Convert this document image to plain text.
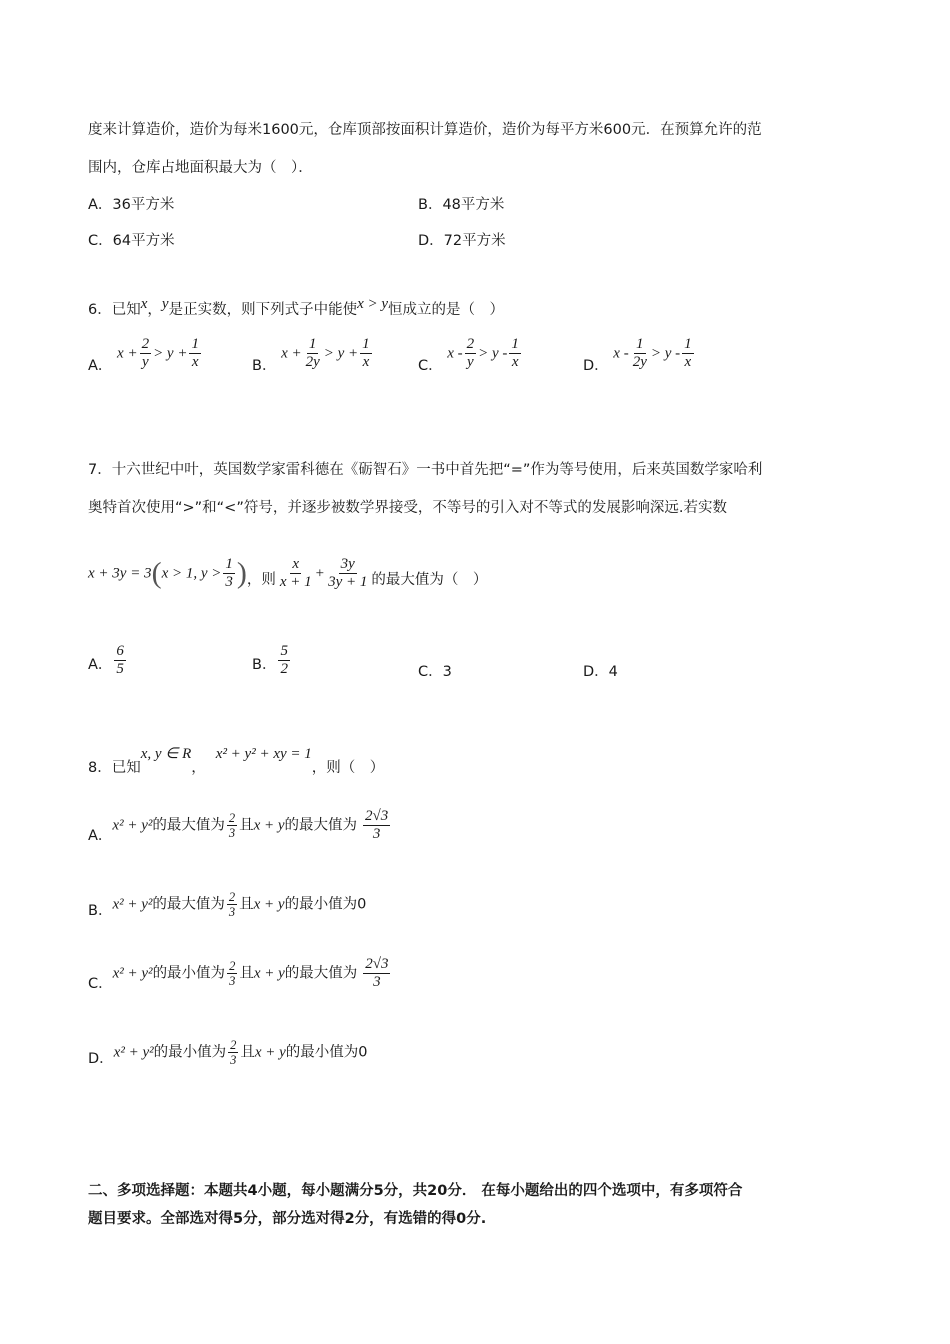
度来计算造价，造价为每米1600元，仓库顶部按面积计算造价，造价为每平方米600元．在预算允许的范
围内，仓库占地面积最大为（　）．
A．36平方米	B．48平方米
C．64平方米	D．72平方米
6．已知x，y是正实数，则下列式子中能使x > y恒成立的是（　）
A． $x + \frac{2}{y} > y + \frac{1}{x}$	B． $x + \frac{1}{2y} > y + \frac{1}{x}$	C． $x - \frac{2}{y} > y - \frac{1}{x}$	D． $x - \frac{1}{2y} > y - \frac{1}{x}$
7．十六世纪中叶，英国数学家雷科德在《砺智石》一书中首先把“=”作为等号使用，后来英国数学家哈利
奥特首次使用“>”和“<”符号，并逐步被数学界接受，不等号的引入对不等式的发展影响深远.若实数
x + 3y = 3(x > 1, $y > \frac{1}{3}$ )，则 $\frac{x}{x + 1} + \frac{3y}{3y + 1}$ 的最大值为（　）
A． $\frac{6}{5}$	B． $\frac{5}{2}$	C．3	D．4
8．已知x, y ∈ R，x² + y² + xy = 1，则（　）
A．x² + y²的最大值为 $\frac{2}{3}$ 且x + y的最大值为 $\frac{2√3}{3}$
B．x² + y²的最大值为 $\frac{2}{3}$ 且x + y的最小值为0
C．x² + y²的最小值为 $\frac{2}{3}$ 且x + y的最大值为 $\frac{2√3}{3}$
D．x² + y²的最小值为 $\frac{2}{3}$ 且x + y的最小值为0
二、多项选择题：本题共4小题，每小题满分5分，共20分． 在每小题给出的四个选项中，有多项符合
题目要求。全部选对得5分，部分选对得2分，有选错的得0分.
